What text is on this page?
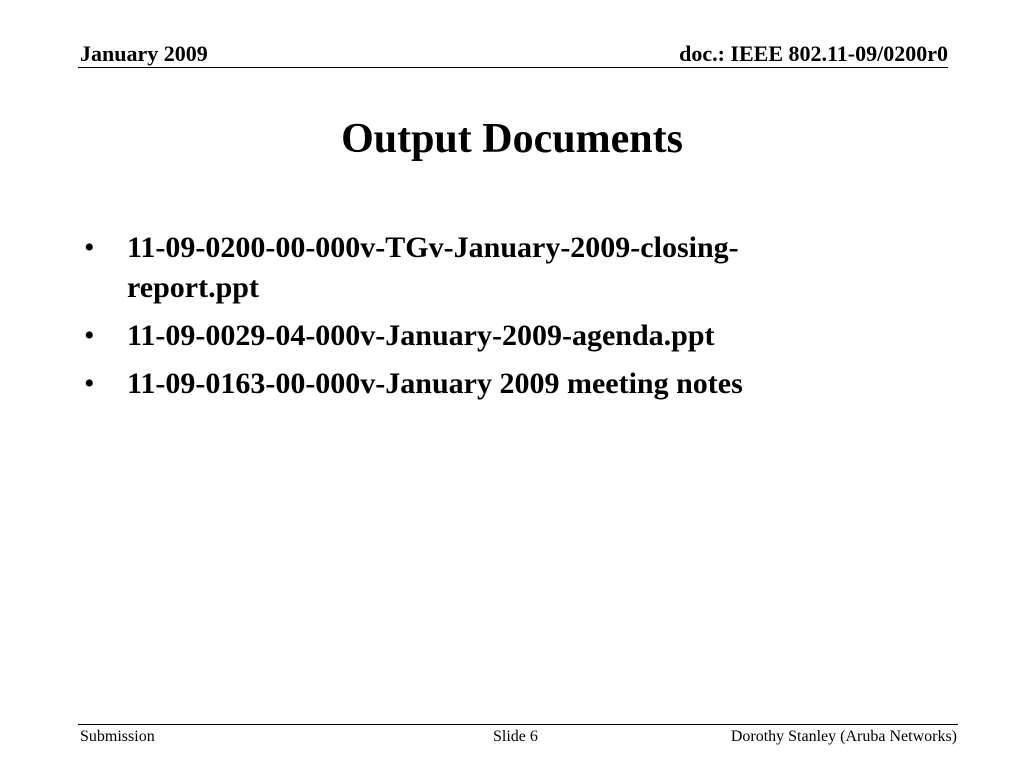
January 2009	doc.: IEEE 802.11-09/0200r0
Output Documents
•	11-09-0200-00-000v-TGv-January-2009-closing-report.ppt
•	11-09-0029-04-000v-January-2009-agenda.ppt
•	11-09-0163-00-000v-January 2009 meeting notes
Submission	Slide 6	Dorothy Stanley (Aruba Networks)
